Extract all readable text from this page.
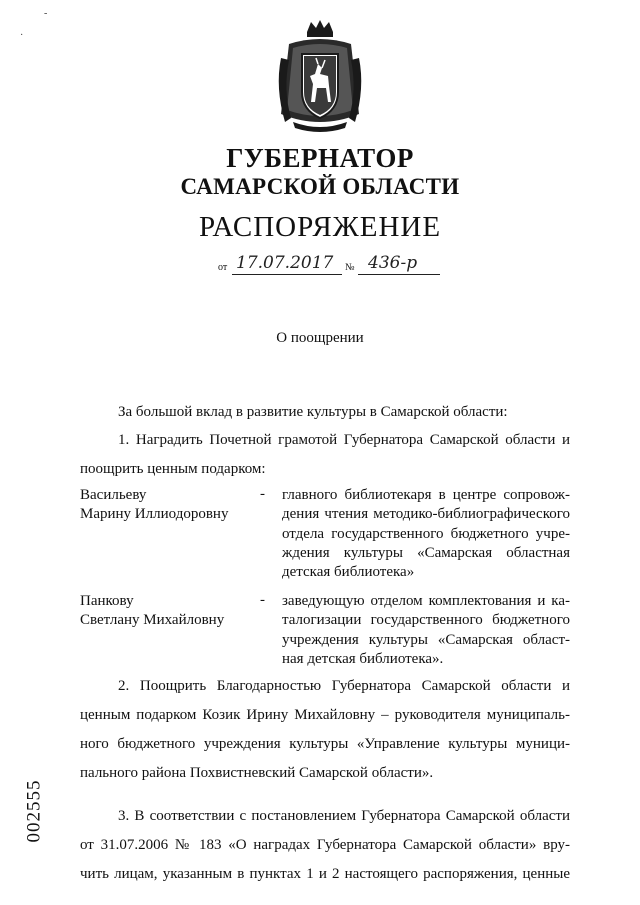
ГУБЕРНАТОР
САМАРСКОЙ ОБЛАСТИ
РАСПОРЯЖЕНИЕ
от 17.07.2017 № 436-р
О поощрении
За большой вклад в развитие культуры в Самарской области:
1. Наградить Почетной грамотой Губернатора Самарской области и
поощрить ценным подарком:
Васильеву
Марину Иллиодоровну
- главного библиотекаря в центре сопровож-
дения чтения методико-библиографического
отдела государственного бюджетного учре-
ждения культуры «Самарская областная
детская библиотека»
Панкову
Светлану Михайловну
- заведующую отделом комплектования и ка-
талогизации государственного бюджетного
учреждения культуры «Самарская област-
ная детская библиотека».
2. Поощрить Благодарностью Губернатора Самарской области и
ценным подарком Козик Ирину Михайловну – руководителя муниципаль-
ного бюджетного учреждения культуры «Управление культуры муници-
пального района Похвистневский Самарской области».
3. В соответствии с постановлением Губернатора Самарской области
от 31.07.2006 № 183 «О наградах Губернатора Самарской области» вру-
чить лицам, указанным в пунктах 1 и 2 настоящего распоряжения, ценные
002555
-
·
